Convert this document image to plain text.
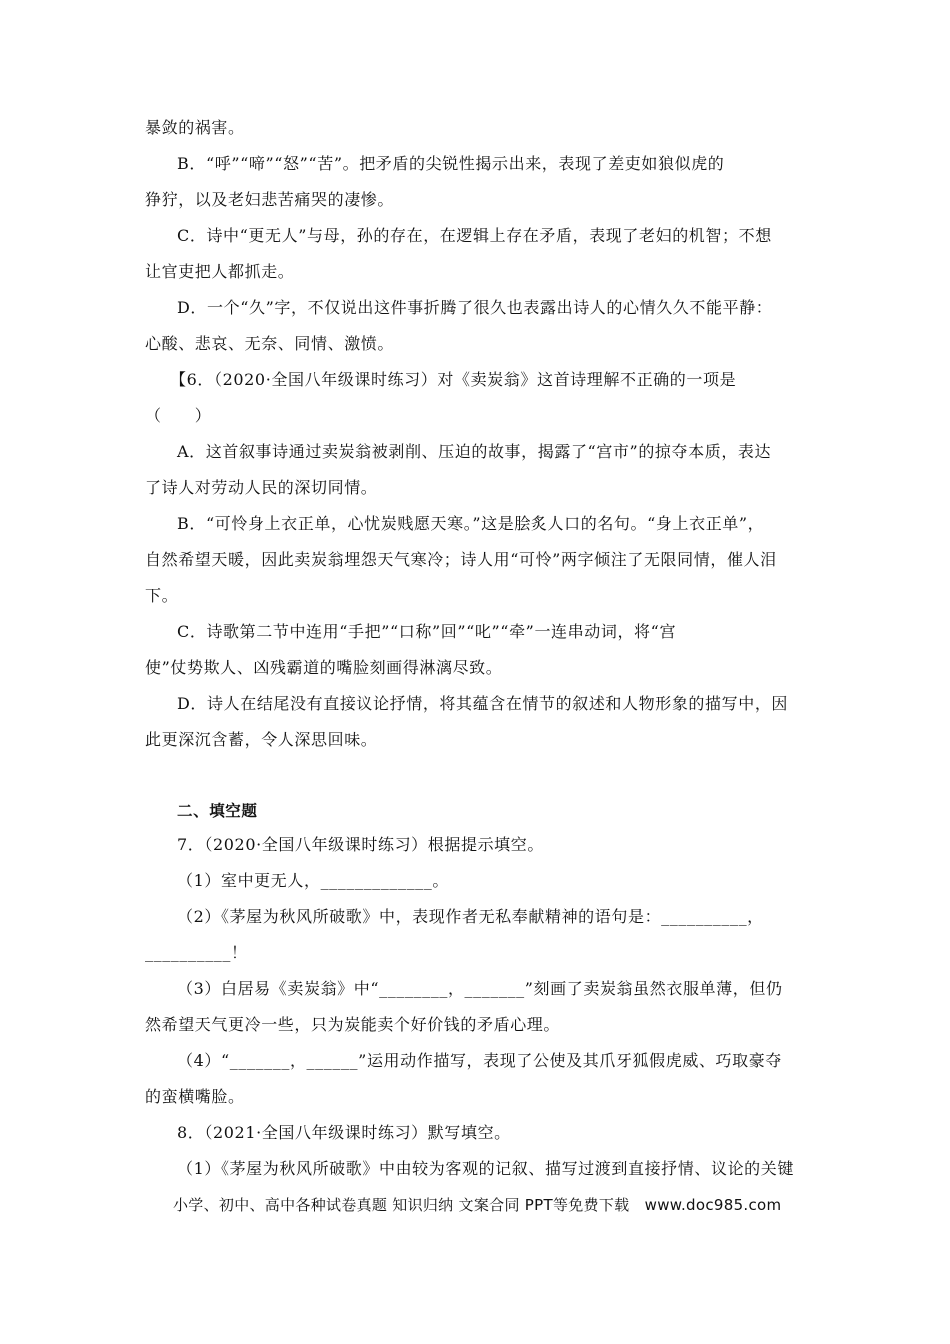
暴敛的祸害。
B．“呼”“啼”“怒”“苦”。把矛盾的尖锐性揭示出来，表现了差吏如狼似虎的
狰狞，以及老妇悲苦痛哭的凄惨。
C．诗中“更无人”与母，孙的存在，在逻辑上存在矛盾，表现了老妇的机智；不想
让官吏把人都抓走。
D．一个“久”字，不仅说出这件事折腾了很久也表露出诗人的心情久久不能平静：
心酸、悲哀、无奈、同情、激愤。
【6．（2020·全国八年级课时练习）对《卖炭翁》这首诗理解不正确的一项是
（　　）
A．这首叙事诗通过卖炭翁被剥削、压迫的故事，揭露了“宫市”的掠夺本质，表达
了诗人对劳动人民的深切同情。
B．“可怜身上衣正单，心忧炭贱愿天寒。”这是脍炙人口的名句。“身上衣正单”，
自然希望天暖，因此卖炭翁埋怨天气寒冷；诗人用“可怜”两字倾注了无限同情，催人泪
下。
C．诗歌第二节中连用“手把”“口称”回”“叱”“牵”一连串动词，将“宫
使”仗势欺人、凶残霸道的嘴脸刻画得淋漓尽致。
D．诗人在结尾没有直接议论抒情，将其蕴含在情节的叙述和人物形象的描写中，因
此更深沉含蓄，令人深思回味。
二、填空题
7．（2020·全国八年级课时练习）根据提示填空。
（1）室中更无人，_____________。
（2）《茅屋为秋风所破歌》中，表现作者无私奉献精神的语句是：__________，
__________！
（3）白居易《卖炭翁》中“________，_______”刻画了卖炭翁虽然衣服单薄，但仍
然希望天气更冷一些，只为炭能卖个好价钱的矛盾心理。
（4）“_______，______”运用动作描写，表现了公使及其爪牙狐假虎威、巧取豪夺
的蛮横嘴脸。
8．（2021·全国八年级课时练习）默写填空。
（1）《茅屋为秋风所破歌》中由较为客观的记叙、描写过渡到直接抒情、议论的关键
小学、初中、高中各种试卷真题 知识归纳 文案合同 PPT等免费下载   www.doc985.com
